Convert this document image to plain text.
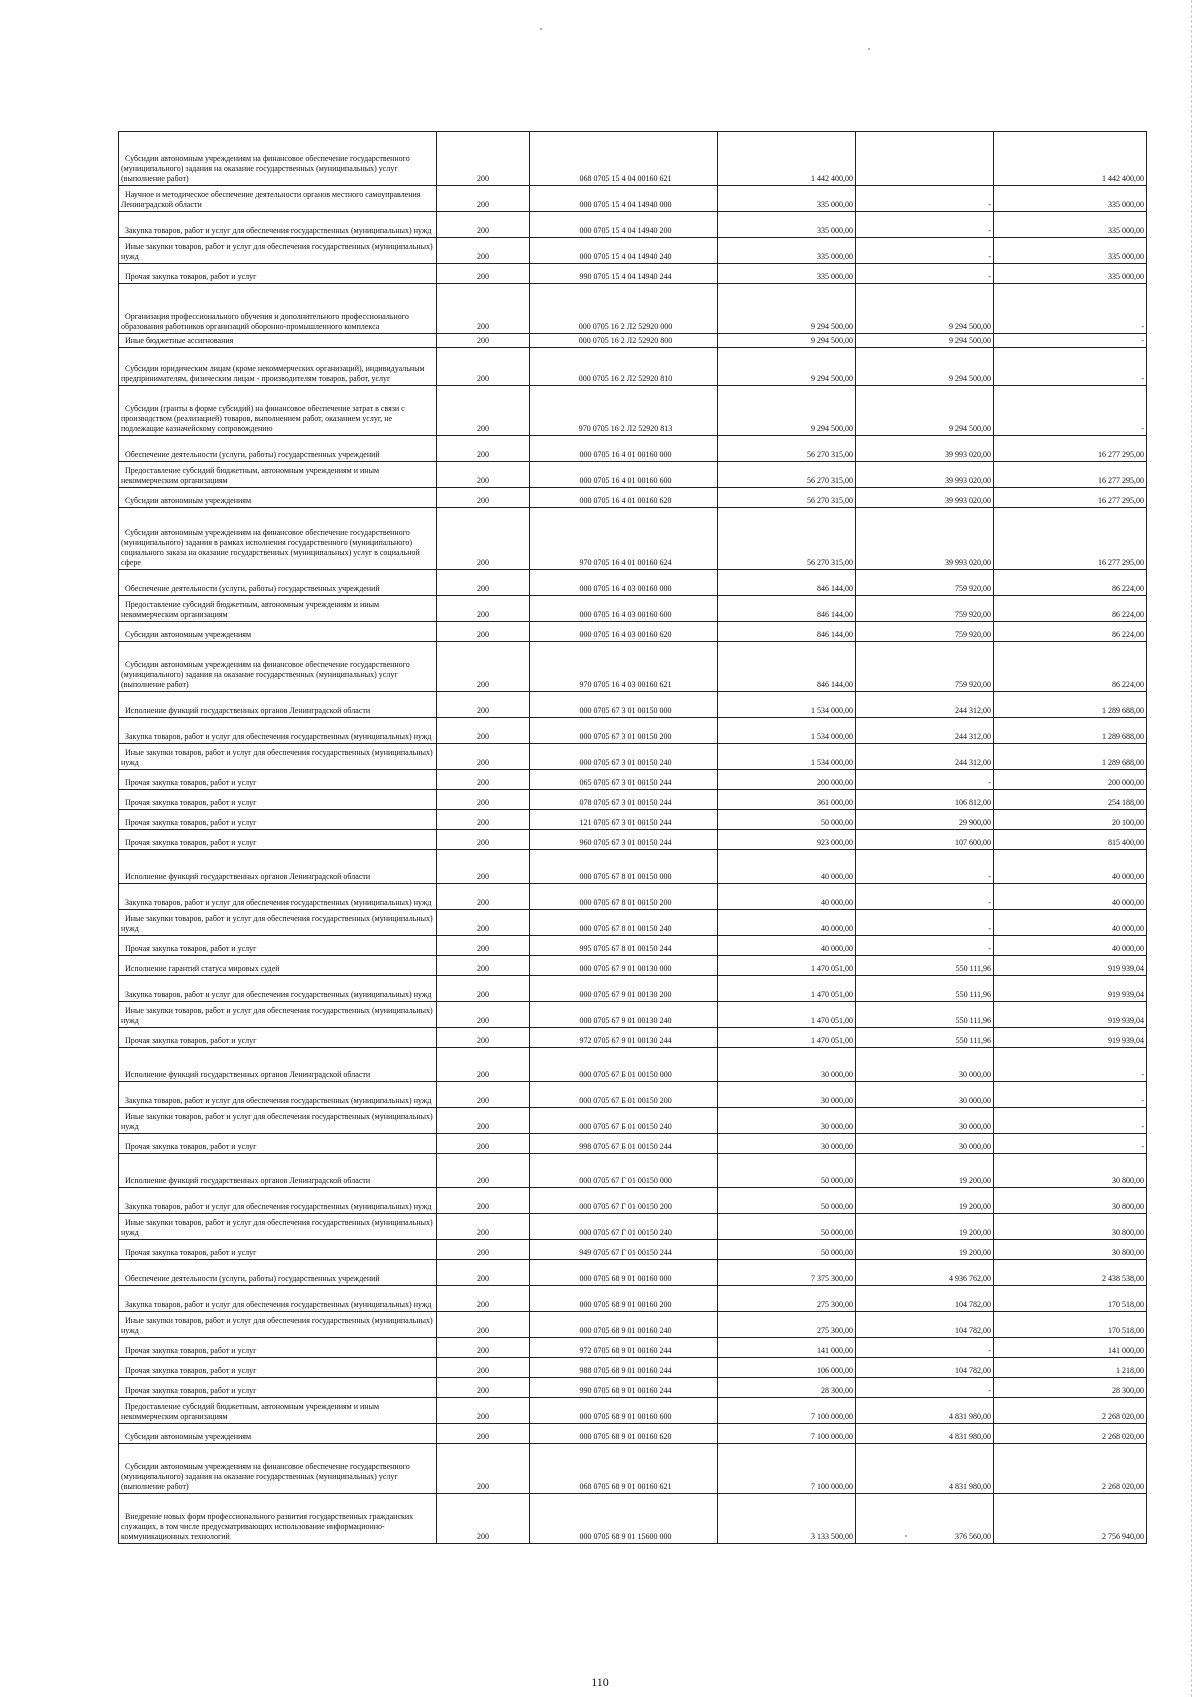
Субсидии автономным учреждениям на финансовое обеспечение государственного (муниципального) задания на оказание государственных (муниципальных) услуг (выполнение работ)	200	068 0705 15 4 04 00160 621	1 442 400,00		1 442 400,00
Научное и методическое обеспечение деятельности органов местного самоуправления Ленинградской области	200	000 0705 15 4 04 14940 000	335 000,00	-	335 000,00
Закупка товаров, работ и услуг для обеспечения государственных (муниципальных) нужд	200	000 0705 15 4 04 14940 200	335 000,00	-	335 000,00
Иные закупки товаров, работ и услуг для обеспечения государственных (муниципальных) нужд	200	000 0705 15 4 04 14940 240	335 000,00	-	335 000,00
Прочая закупка товаров, работ и услуг	200	990 0705 15 4 04 14940 244	335 000,00	-	335 000,00
Организация профессионального обучения и дополнительного профессионального образования работников организаций оборонно-промышленного комплекса	200	000 0705 16 2 Л2 52920 000	9 294 500,00	9 294 500,00	-
Иные бюджетные ассигнования	200	000 0705 16 2 Л2 52920 800	9 294 500,00	9 294 500,00	-
Субсидии юридическим лицам (кроме некоммерческих организаций), индивидуальным предпринимателям, физическим лицам - производителям товаров, работ, услуг	200	000 0705 16 2 Л2 52920 810	9 294 500,00	9 294 500,00	-
Субсидии (гранты в форме субсидий) на финансовое обеспечение затрат в связи с производством (реализацией) товаров, выполнением работ, оказанием услуг, не подлежащие казначейскому сопровождению	200	970 0705 16 2 Л2 52920 813	9 294 500,00	9 294 500,00	-
Обеспечение деятельности (услуги, работы) государственных учреждений	200	000 0705 16 4 01 00160 000	56 270 315,00	39 993 020,00	16 277 295,00
Предоставление субсидий бюджетным, автономным учреждениям и иным некоммерческим организациям	200	000 0705 16 4 01 00160 600	56 270 315,00	39 993 020,00	16 277 295,00
Субсидии автономным учреждениям	200	000 0705 16 4 01 00160 620	56 270 315,00	39 993 020,00	16 277 295,00
Субсидии автономным учреждениям на финансовое обеспечение государственного (муниципального) задания в рамках исполнения государственного (муниципального) социального заказа на оказание государственных (муниципальных) услуг в социальной сфере	200	970 0705 16 4 01 00160 624	56 270 315,00	39 993 020,00	16 277 295,00
Обеспечение деятельности (услуги, работы) государственных учреждений	200	000 0705 16 4 03 00160 000	846 144,00	759 920,00	86 224,00
Предоставление субсидий бюджетным, автономным учреждениям и иным некоммерческим организациям	200	000 0705 16 4 03 00160 600	846 144,00	759 920,00	86 224,00
Субсидии автономным учреждениям	200	000 0705 16 4 03 00160 620	846 144,00	759 920,00	86 224,00
Субсидии автономным учреждениям на финансовое обеспечение государственного (муниципального) задания на оказание государственных (муниципальных) услуг (выполнение работ)	200	970 0705 16 4 03 00160 621	846 144,00	759 920,00	86 224,00
Исполнение функций государственных органов Ленинградской области	200	000 0705 67 3 01 00150 000	1 534 000,00	244 312,00	1 289 688,00
Закупка товаров, работ и услуг для обеспечения государственных (муниципальных) нужд	200	000 0705 67 3 01 00150 200	1 534 000,00	244 312,00	1 289 688,00
Иные закупки товаров, работ и услуг для обеспечения государственных (муниципальных) нужд	200	000 0705 67 3 01 00150 240	1 534 000,00	244 312,00	1 289 688,00
Прочая закупка товаров, работ и услуг	200	065 0705 67 3 01 00150 244	200 000,00	-	200 000,00
Прочая закупка товаров, работ и услуг	200	078 0705 67 3 01 00150 244	361 000,00	106 812,00	254 188,00
Прочая закупка товаров, работ и услуг	200	121 0705 67 3 01 00150 244	50 000,00	29 900,00	20 100,00
Прочая закупка товаров, работ и услуг	200	960 0705 67 3 01 00150 244	923 000,00	107 600,00	815 400,00
Исполнение функций государственных органов Ленинградской области	200	000 0705 67 8 01 00150 000	40 000,00	-	40 000,00
Закупка товаров, работ и услуг для обеспечения государственных (муниципальных) нужд	200	000 0705 67 8 01 00150 200	40 000,00	-	40 000,00
Иные закупки товаров, работ и услуг для обеспечения государственных (муниципальных) нужд	200	000 0705 67 8 01 00150 240	40 000,00	-	40 000,00
Прочая закупка товаров, работ и услуг	200	995 0705 67 8 01 00150 244	40 000,00	-	40 000,00
Исполнение гарантий статуса мировых судей	200	000 0705 67 9 01 00130 000	1 470 051,00	550 111,96	919 939,04
Закупка товаров, работ и услуг для обеспечения государственных (муниципальных) нужд	200	000 0705 67 9 01 00130 200	1 470 051,00	550 111,96	919 939,04
Иные закупки товаров, работ и услуг для обеспечения государственных (муниципальных) нужд	200	000 0705 67 9 01 00130 240	1 470 051,00	550 111,96	919 939,04
Прочая закупка товаров, работ и услуг	200	972 0705 67 9 01 00130 244	1 470 051,00	550 111,96	919 939,04
Исполнение функций государственных органов Ленинградской области	200	000 0705 67 Б 01 00150 000	30 000,00	30 000,00	-
Закупка товаров, работ и услуг для обеспечения государственных (муниципальных) нужд	200	000 0705 67 Б 01 00150 200	30 000,00	30 000,00	-
Иные закупки товаров, работ и услуг для обеспечения государственных (муниципальных) нужд	200	000 0705 67 Б 01 00150 240	30 000,00	30 000,00	-
Прочая закупка товаров, работ и услуг	200	998 0705 67 Б 01 00150 244	30 000,00	30 000,00	-
Исполнение функций государственных органов Ленинградской области	200	000 0705 67 Г 01 00150 000	50 000,00	19 200,00	30 800,00
Закупка товаров, работ и услуг для обеспечения государственных (муниципальных) нужд	200	000 0705 67 Г 01 00150 200	50 000,00	19 200,00	30 800,00
Иные закупки товаров, работ и услуг для обеспечения государственных (муниципальных) нужд	200	000 0705 67 Г 01 00150 240	50 000,00	19 200,00	30 800,00
Прочая закупка товаров, работ и услуг	200	949 0705 67 Г 01 00150 244	50 000,00	19 200,00	30 800,00
Обеспечение деятельности (услуги, работы) государственных учреждений	200	000 0705 68 9 01 00160 000	7 375 300,00	4 936 762,00	2 438 538,00
Закупка товаров, работ и услуг для обеспечения государственных (муниципальных) нужд	200	000 0705 68 9 01 00160 200	275 300,00	104 782,00	170 518,00
Иные закупки товаров, работ и услуг для обеспечения государственных (муниципальных) нужд	200	000 0705 68 9 01 00160 240	275 300,00	104 782,00	170 518,00
Прочая закупка товаров, работ и услуг	200	972 0705 68 9 01 00160 244	141 000,00	-	141 000,00
Прочая закупка товаров, работ и услуг	200	988 0705 68 9 01 00160 244	106 000,00	104 782,00	1 218,00
Прочая закупка товаров, работ и услуг	200	990 0705 68 9 01 00160 244	28 300,00	-	28 300,00
Предоставление субсидий бюджетным, автономным учреждениям и иным некоммерческим организациям	200	000 0705 68 9 01 00160 600	7 100 000,00	4 831 980,00	2 268 020,00
Субсидии автономным учреждениям	200	000 0705 68 9 01 00160 620	7 100 000,00	4 831 980,00	2 268 020,00
Субсидии автономным учреждениям на финансовое обеспечение государственного (муниципального) задания на оказание государственных (муниципальных) услуг (выполнение работ)	200	068 0705 68 9 01 00160 621	7 100 000,00	4 831 980,00	2 268 020,00
Внедрение новых форм профессионального развития государственных гражданских служащих, в том числе предусматривающих использование информационно-коммуникационных технологий	200	000 0705 68 9 01 15600 000	3 133 500,00	376 560,00	2 756 940,00
110
